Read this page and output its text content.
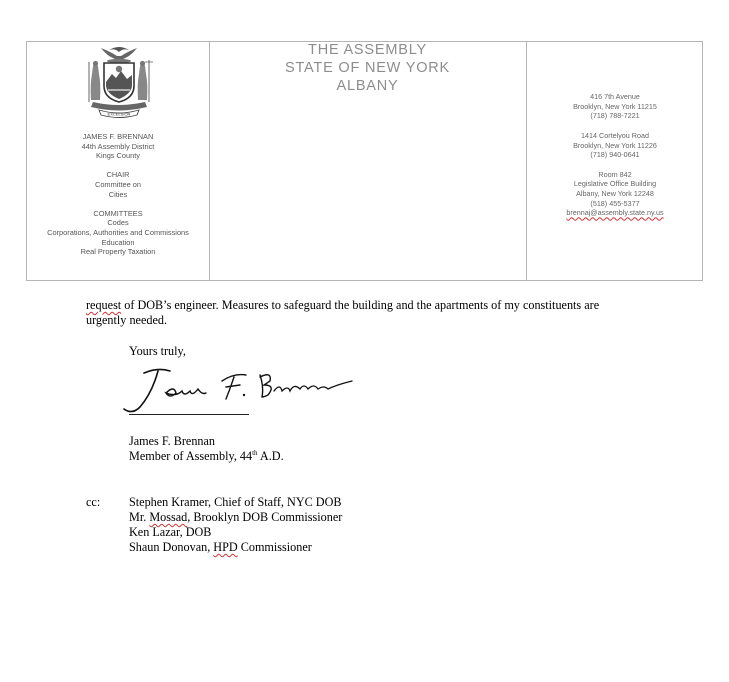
EXCELSIOR
JAMES F. BRENNAN
44th Assembly District
Kings County
CHAIR
Committee on
Cities
COMMITTEES
Codes
Corporations, Authorities and Commissions
Education
Real Property Taxation
THE ASSEMBLY
STATE OF NEW YORK
ALBANY
416 7th Avenue
Brooklyn, New York 11215
(718) 788-7221
1414 Cortelyou Road
Brooklyn, New York 11226
(718) 940-0641
Room 842
Legislative Office Building
Albany, New York 12248
(518) 455-5377
brennaj@assembly.state.ny.us
request of DOB’s engineer. Measures to safeguard the building and the apartments of my constituents are
urgently needed.
Yours truly,
James F. Brennan
Member of Assembly, 44th A.D.
cc: Stephen Kramer, Chief of Staff, NYC DOB
Mr. Mossad, Brooklyn DOB Commissioner
Ken Lazar, DOB
Shaun Donovan, HPD Commissioner
